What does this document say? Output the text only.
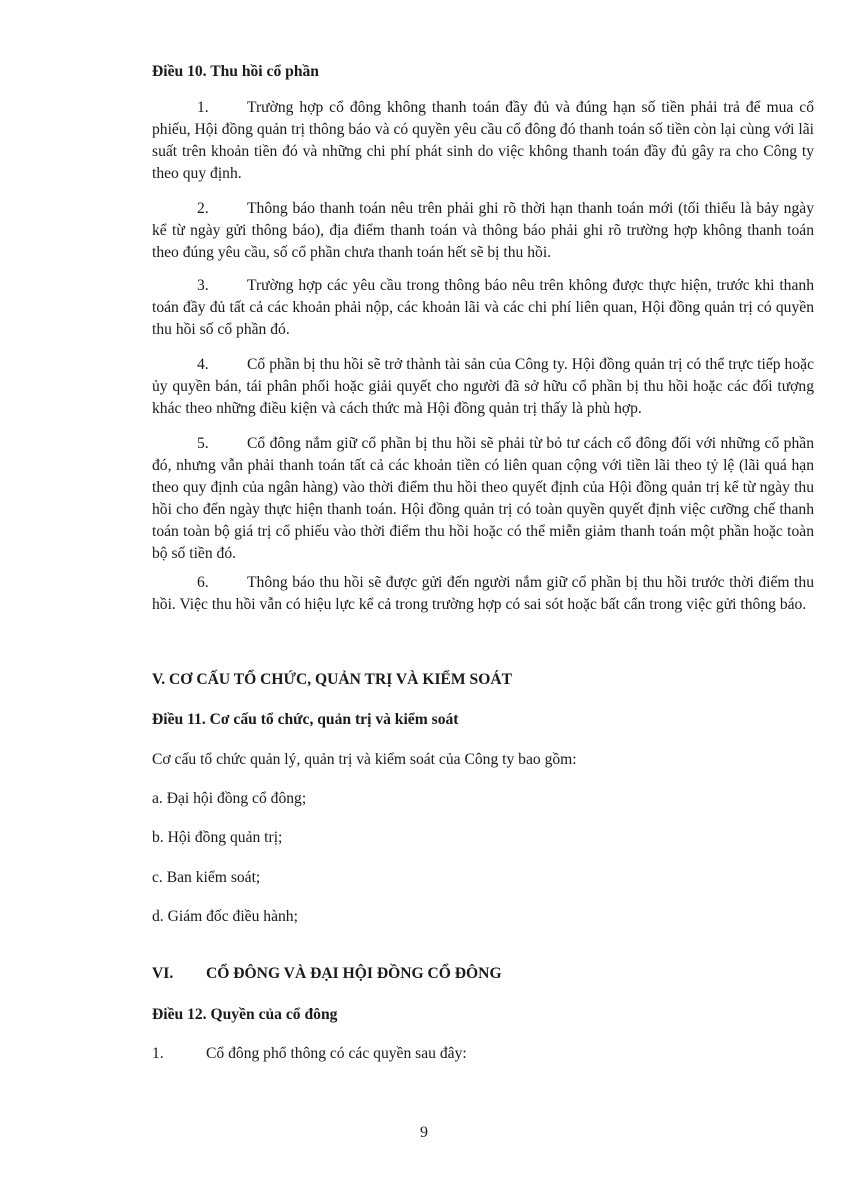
Điều 10. Thu hồi cổ phần
1. Trường hợp cổ đông không thanh toán đầy đủ và đúng hạn số tiền phải trả để mua cổ phiếu, Hội đồng quản trị thông báo và có quyền yêu cầu cổ đông đó thanh toán số tiền còn lại cùng với lãi suất trên khoản tiền đó và những chi phí phát sinh do việc không thanh toán đầy đủ gây ra cho Công ty theo quy định.
2. Thông báo thanh toán nêu trên phải ghi rõ thời hạn thanh toán mới (tối thiểu là bảy ngày kể từ ngày gửi thông báo), địa điểm thanh toán và thông báo phải ghi rõ trường hợp không thanh toán theo đúng yêu cầu, số cổ phần chưa thanh toán hết sẽ bị thu hồi.
3. Trường hợp các yêu cầu trong thông báo nêu trên không được thực hiện, trước khi thanh toán đầy đủ tất cả các khoản phải nộp, các khoản lãi và các chi phí liên quan, Hội đồng quản trị có quyền thu hồi số cổ phần đó.
4. Cổ phần bị thu hồi sẽ trở thành tài sản của Công ty. Hội đồng quản trị có thể trực tiếp hoặc ủy quyền bán, tái phân phối hoặc giải quyết cho người đã sở hữu cổ phần bị thu hồi hoặc các đối tượng khác theo những điều kiện và cách thức mà Hội đồng quản trị thấy là phù hợp.
5. Cổ đông nắm giữ cổ phần bị thu hồi sẽ phải từ bỏ tư cách cổ đông đối với những cổ phần đó, nhưng vẫn phải thanh toán tất cả các khoản tiền có liên quan cộng với tiền lãi theo tỷ lệ (lãi quá hạn theo quy định của ngân hàng) vào thời điểm thu hồi theo quyết định của Hội đồng quản trị kể từ ngày thu hồi cho đến ngày thực hiện thanh toán. Hội đồng quản trị có toàn quyền quyết định việc cưỡng chế thanh toán toàn bộ giá trị cổ phiếu vào thời điểm thu hồi hoặc có thể miễn giảm thanh toán một phần hoặc toàn bộ số tiền đó.
6. Thông báo thu hồi sẽ được gửi đến người nắm giữ cổ phần bị thu hồi trước thời điểm thu hồi. Việc thu hồi vẫn có hiệu lực kể cả trong trường hợp có sai sót hoặc bất cẩn trong việc gửi thông báo.
V. CƠ CẤU TỔ CHỨC, QUẢN TRỊ VÀ KIỂM SOÁT
Điều 11. Cơ cấu tổ chức, quản trị và kiểm soát
Cơ cấu tổ chức quản lý, quản trị và kiểm soát của Công ty bao gồm:
a. Đại hội đồng cổ đông;
b. Hội đồng quản trị;
c. Ban kiểm soát;
d. Giám đốc điều hành;
VI. CỔ ĐÔNG VÀ ĐẠI HỘI ĐỒNG CỔ ĐÔNG
Điều 12. Quyền của cổ đông
1.	Cổ đông phổ thông có các quyền sau đây:
9
